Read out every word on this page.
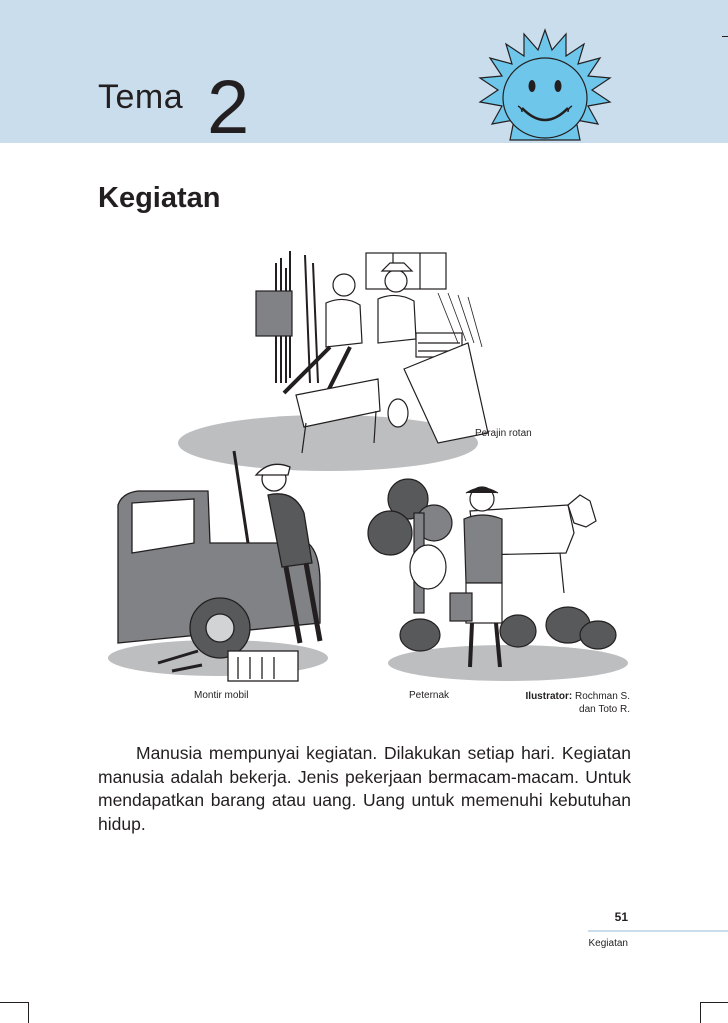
Tema 2
Kegiatan
Perajin rotan
Montir mobil	Peternak	Ilustrator: Rochman S.
dan Toto R.
Manusia mempunyai kegiatan. Dilakukan setiap hari. Kegiatan manusia adalah bekerja. Jenis pekerjaan bermacam-macam. Untuk mendapatkan barang atau uang. Uang untuk memenuhi kebutuhan hidup.
51
Kegiatan
